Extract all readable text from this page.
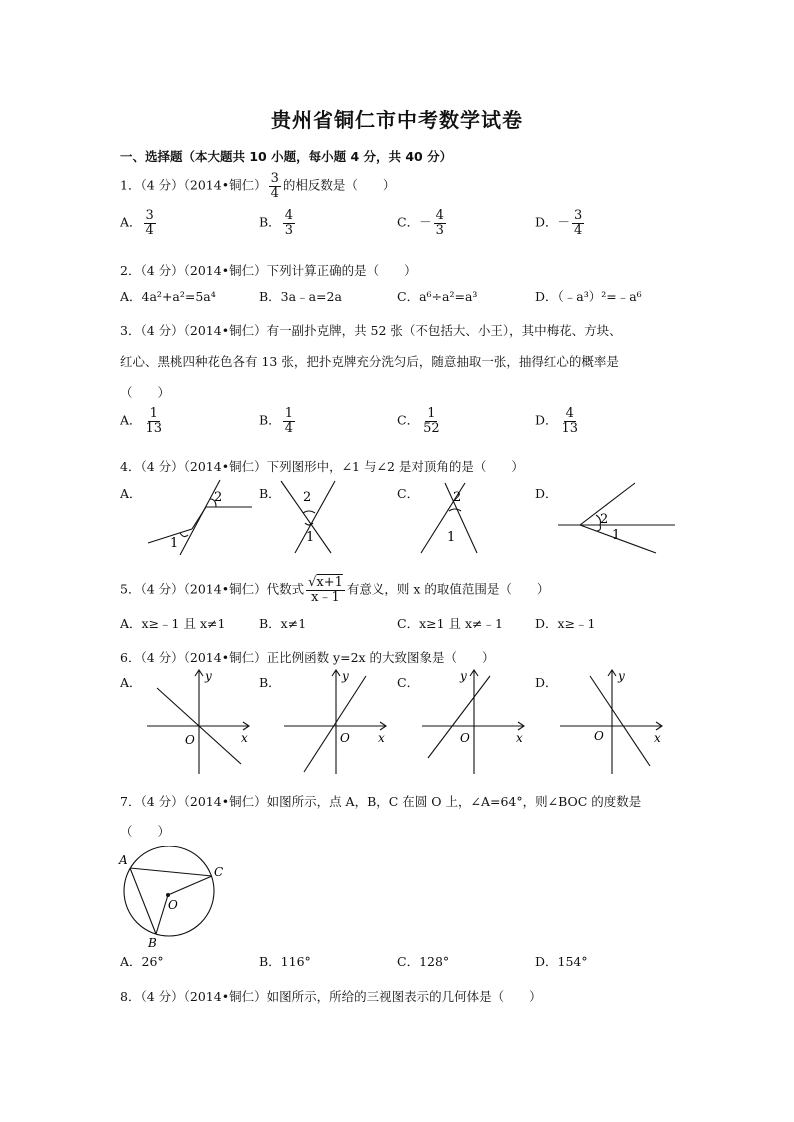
贵州省铜仁市中考数学试卷
一、选择题（本大题共 10 小题，每小题 4 分，共 40 分）
1．（4 分）（2014•铜仁） $\frac{3}{4}$ 的相反数是（　　）
A． $\frac{3}{4}$	B． $\frac{4}{3}$	C．－ $\frac{4}{3}$	D．－ $\frac{3}{4}$
2．（4 分）（2014•铜仁）下列计算正确的是（　　）
A．4a²+a²=5a⁴	B．3a﹣a=2a	C．a⁶÷a²=a³	D．（﹣a³）²=﹣a⁶
3．（4 分）（2014•铜仁）有一副扑克牌，共 52 张（不包括大、小王），其中梅花、方块、
红心、黑桃四种花色各有 13 张，把扑克牌充分洗匀后，随意抽取一张，抽得红心的概率是
（　　）
A． $\frac{1}{13}$	B． $\frac{1}{4}$	C． $\frac{1}{52}$	D． $\frac{4}{13}$
4．（4 分）（2014•铜仁）下列图形中，∠1 与∠2 是对顶角的是（　　）
A．	B．	C．	D．
1
2	2
1
2
1
2
1
5．（4 分）（2014•铜仁）代数式 $\frac{√x+1}{x﹣1}$ 有意义，则 x 的取值范围是（　　）
A．x≥﹣1 且 x≠1	B．x≠1	C．x≥1 且 x≠﹣1	D．x≥﹣1
6．（4 分）（2014•铜仁）正比例函数 y=2x 的大致图象是（　　）
A．	B．	C．	D．
y
x
O
y
x
O
y
x
O
y
x
O
7．（4 分）（2014•铜仁）如图所示，点 A，B，C 在圆 O 上，∠A=64°，则∠BOC 的度数是
（　　）
A
C
O
B
A．26°	B．116°	C．128°	D．154°
8．（4 分）（2014•铜仁）如图所示，所给的三视图表示的几何体是（　　）
